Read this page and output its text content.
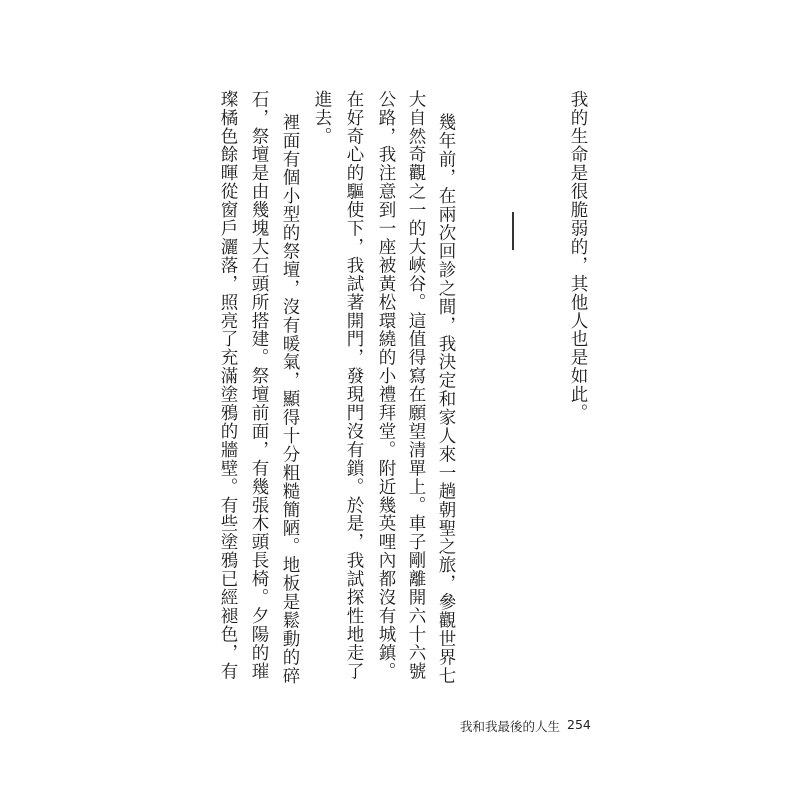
我的生命是很脆弱的，其他人也是如此。
幾年前，在兩次回診之間，我決定和家人來一趟朝聖之旅，參觀世界七
大自然奇觀之一的大峽谷。這值得寫在願望清單上。車子剛離開六十六號
公路，我注意到一座被黃松環繞的小禮拜堂。附近幾英哩內都沒有城鎮。
在好奇心的驅使下，我試著開門，發現門沒有鎖。於是，我試探性地走了
進去。
裡面有個小型的祭壇，沒有暖氣，顯得十分粗糙簡陋。地板是鬆動的碎
石，祭壇是由幾塊大石頭所搭建。祭壇前面，有幾張木頭長椅。夕陽的璀
璨橘色餘暉從窗戶灑落，照亮了充滿塗鴉的牆壁。有些塗鴉已經褪色，有
我和我最後的人生 254
